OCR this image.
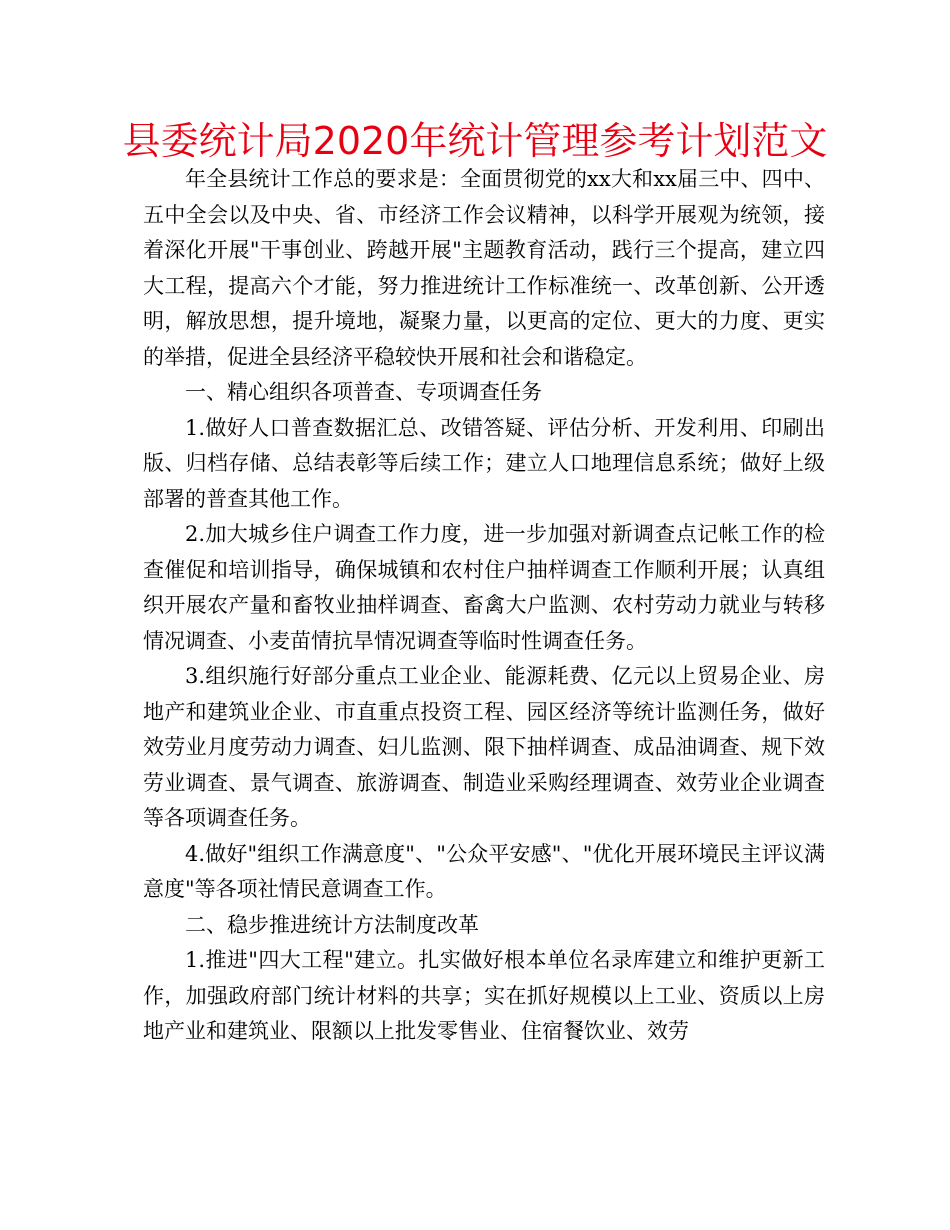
县委统计局2020年统计管理参考计划范文

年全县统计工作总的要求是：全面贯彻党的xx大和xx届三中、四中、五中全会以及中央、省、市经济工作会议精神，以科学开展观为统领，接着深化开展"干事创业、跨越开展"主题教育活动，践行三个提高，建立四大工程，提高六个才能，努力推进统计工作标准统一、改革创新、公开透明，解放思想，提升境地，凝聚力量，以更高的定位、更大的力度、更实的举措，促进全县经济平稳较快开展和社会和谐稳定。

一、精心组织各项普查、专项调查任务

1.做好人口普查数据汇总、改错答疑、评估分析、开发利用、印刷出版、归档存储、总结表彰等后续工作；建立人口地理信息系统；做好上级部署的普查其他工作。

2.加大城乡住户调查工作力度，进一步加强对新调查点记帐工作的检查催促和培训指导，确保城镇和农村住户抽样调查工作顺利开展；认真组织开展农产量和畜牧业抽样调查、畜禽大户监测、农村劳动力就业与转移情况调查、小麦苗情抗旱情况调查等临时性调查任务。

3.组织施行好部分重点工业企业、能源耗费、亿元以上贸易企业、房地产和建筑业企业、市直重点投资工程、园区经济等统计监测任务，做好效劳业月度劳动力调查、妇儿监测、限下抽样调查、成品油调查、规下效劳业调查、景气调查、旅游调查、制造业采购经理调查、效劳业企业调查等各项调查任务。

4.做好"组织工作满意度"、"公众平安感"、"优化开展环境民主评议满意度"等各项社情民意调查工作。

二、稳步推进统计方法制度改革

1.推进"四大工程"建立。扎实做好根本单位名录库建立和维护更新工作，加强政府部门统计材料的共享；实在抓好规模以上工业、资质以上房地产业和建筑业、限额以上批发零售业、住宿餐饮业、效劳
